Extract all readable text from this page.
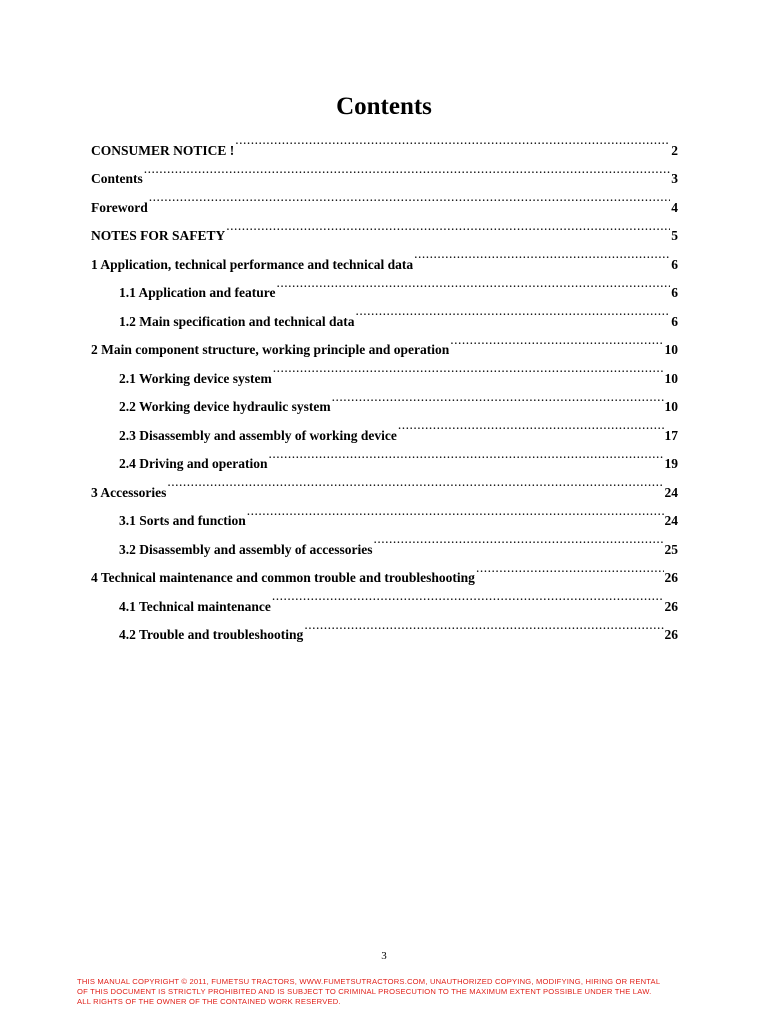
Contents
CONSUMER NOTICE ! .....	2
Contents .....	3
Foreword .....	4
NOTES FOR SAFETY .....	5
1 Application, technical performance and technical data .....	6
1.1 Application and feature .....	6
1.2 Main specification and technical data .....	6
2 Main component structure, working principle and operation .....	10
2.1 Working device system .....	10
2.2 Working device hydraulic system .....	10
2.3 Disassembly and assembly of working device .....	17
2.4 Driving and operation .....	19
3 Accessories .....	24
3.1 Sorts and function .....	24
3.2 Disassembly and assembly of accessories .....	25
4 Technical maintenance and common trouble and troubleshooting .....	26
4.1 Technical maintenance .....	26
4.2 Trouble and troubleshooting .....	26
3
THIS MANUAL COPYRIGHT © 2011, FUMETSU TRACTORS, WWW.FUMETSUTRACTORS.COM, UNAUTHORIZED COPYING, MODIFYING, HIRING OR RENTAL
OF THIS DOCUMENT IS STRICTLY PROHIBITED AND IS SUBJECT TO CRIMINAL PROSECUTION TO THE MAXIMUM EXTENT POSSIBLE UNDER THE LAW.
ALL RIGHTS OF THE OWNER OF THE CONTAINED WORK RESERVED.
